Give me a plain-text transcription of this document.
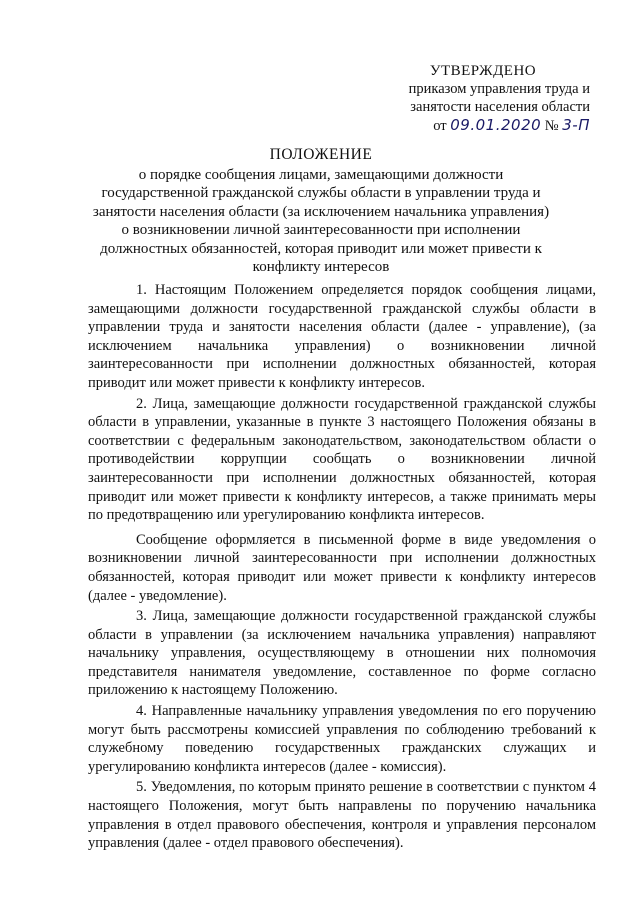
УТВЕРЖДЕНО
приказом управления труда и
занятости населения области
от 09.01.2020 № 3-П
ПОЛОЖЕНИЕ
о порядке сообщения лицами, замещающими должности государственной гражданской службы области в управлении труда и занятости населения области (за исключением начальника управления) о возникновении личной заинтересованности при исполнении должностных обязанностей, которая приводит или может привести к конфликту интересов

1. Настоящим Положением определяется порядок сообщения лицами, замещающими должности государственной гражданской службы области в управлении труда и занятости населения области (далее - управление), (за исключением начальника управления) о возникновении личной заинтересованности при исполнении должностных обязанностей, которая приводит или может привести к конфликту интересов.

2. Лица, замещающие должности государственной гражданской службы области в управлении, указанные в пункте 3 настоящего Положения обязаны в соответствии с федеральным законодательством, законодательством области о противодействии коррупции сообщать о возникновении личной заинтересованности при исполнении должностных обязанностей, которая приводит или может привести к конфликту интересов, а также принимать меры по предотвращению или урегулированию конфликта интересов.

Сообщение оформляется в письменной форме в виде уведомления о возникновении личной заинтересованности при исполнении должностных обязанностей, которая приводит или может привести к конфликту интересов (далее - уведомление).

3. Лица, замещающие должности государственной гражданской службы области в управлении (за исключением начальника управления) направляют начальнику управления, осуществляющему в отношении них полномочия представителя нанимателя уведомление, составленное по форме согласно приложению к настоящему Положению.

4. Направленные начальнику управления уведомления по его поручению могут быть рассмотрены комиссией управления по соблюдению требований к служебному поведению государственных гражданских служащих и урегулированию конфликта интересов (далее - комиссия).

5. Уведомления, по которым принято решение в соответствии с пунктом 4 настоящего Положения, могут быть направлены по поручению начальника управления в отдел правового обеспечения, контроля и управления персоналом управления (далее - отдел правового обеспечения).
